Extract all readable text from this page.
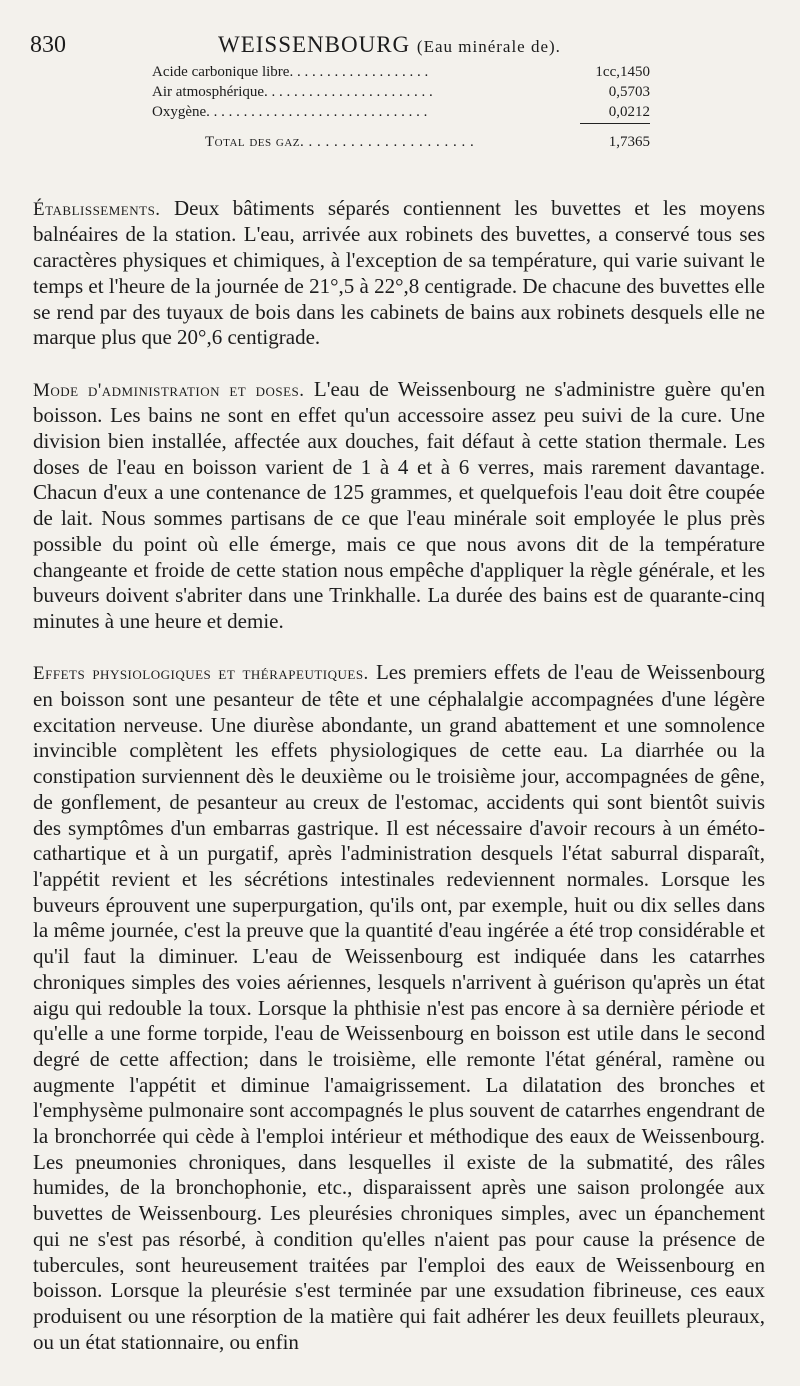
830	WEISSENBOURG (Eau minérale de).
Acide carbonique libre. . . . . . . . . . . . . . . . . . .	1cc,1450
Air atmosphérique. . . . . . . . . . . . . . . . . . . . . . .	0,5703
Oxygène. . . . . . . . . . . . . . . . . . . . . . . . . . . . . .	0,0212
Total des gaz. . . . . . . . . . . . . . . . . . . . .	1,7365

Établissements. Deux bâtiments séparés contiennent les buvettes et les moyens balnéaires de la station. L'eau, arrivée aux robinets des buvettes, a conservé tous ses caractères physiques et chimiques, à l'exception de sa température, qui varie suivant le temps et l'heure de la journée de 21°,5 à 22°,8 centigrade. De chacune des buvettes elle se rend par des tuyaux de bois dans les cabinets de bains aux robinets desquels elle ne marque plus que 20°,6 centigrade.

Mode d'administration et doses. L'eau de Weissenbourg ne s'administre guère qu'en boisson. Les bains ne sont en effet qu'un accessoire assez peu suivi de la cure. Une division bien installée, affectée aux douches, fait défaut à cette station thermale. Les doses de l'eau en boisson varient de 1 à 4 et à 6 verres, mais rarement davantage. Chacun d'eux a une contenance de 125 grammes, et quelquefois l'eau doit être coupée de lait. Nous sommes partisans de ce que l'eau minérale soit employée le plus près possible du point où elle émerge, mais ce que nous avons dit de la température changeante et froide de cette station nous empêche d'appliquer la règle générale, et les buveurs doivent s'abriter dans une Trinkhalle. La durée des bains est de quarante-cinq minutes à une heure et demie.

Effets physiologiques et thérapeutiques. Les premiers effets de l'eau de Weissenbourg en boisson sont une pesanteur de tête et une céphalalgie accompagnées d'une légère excitation nerveuse. Une diurèse abondante, un grand abattement et une somnolence invincible complètent les effets physiologiques de cette eau. La diarrhée ou la constipation surviennent dès le deuxième ou le troisième jour, accompagnées de gêne, de gonflement, de pesanteur au creux de l'estomac, accidents qui sont bientôt suivis des symptômes d'un embarras gastrique. Il est nécessaire d'avoir recours à un éméto-cathartique et à un purgatif, après l'administration desquels l'état saburral disparaît, l'appétit revient et les sécrétions intestinales redeviennent normales. Lorsque les buveurs éprouvent une superpurgation, qu'ils ont, par exemple, huit ou dix selles dans la même journée, c'est la preuve que la quantité d'eau ingérée a été trop considérable et qu'il faut la diminuer. L'eau de Weissenbourg est indiquée dans les catarrhes chroniques simples des voies aériennes, lesquels n'arrivent à guérison qu'après un état aigu qui redouble la toux. Lorsque la phthisie n'est pas encore à sa dernière période et qu'elle a une forme torpide, l'eau de Weissenbourg en boisson est utile dans le second degré de cette affection; dans le troisième, elle remonte l'état général, ramène ou augmente l'appétit et diminue l'amaigrissement. La dilatation des bronches et l'emphysème pulmonaire sont accompagnés le plus souvent de catarrhes engendrant de la bronchorrée qui cède à l'emploi intérieur et méthodique des eaux de Weissenbourg. Les pneumonies chroniques, dans lesquelles il existe de la submatité, des râles humides, de la bronchophonie, etc., disparaissent après une saison prolongée aux buvettes de Weissenbourg. Les pleurésies chroniques simples, avec un épanchement qui ne s'est pas résorbé, à condition qu'elles n'aient pas pour cause la présence de tubercules, sont heureusement traitées par l'emploi des eaux de Weissenbourg en boisson. Lorsque la pleurésie s'est terminée par une exsudation fibrineuse, ces eaux produisent ou une résorption de la matière qui fait adhérer les deux feuillets pleuraux, ou un état stationnaire, ou enfin
